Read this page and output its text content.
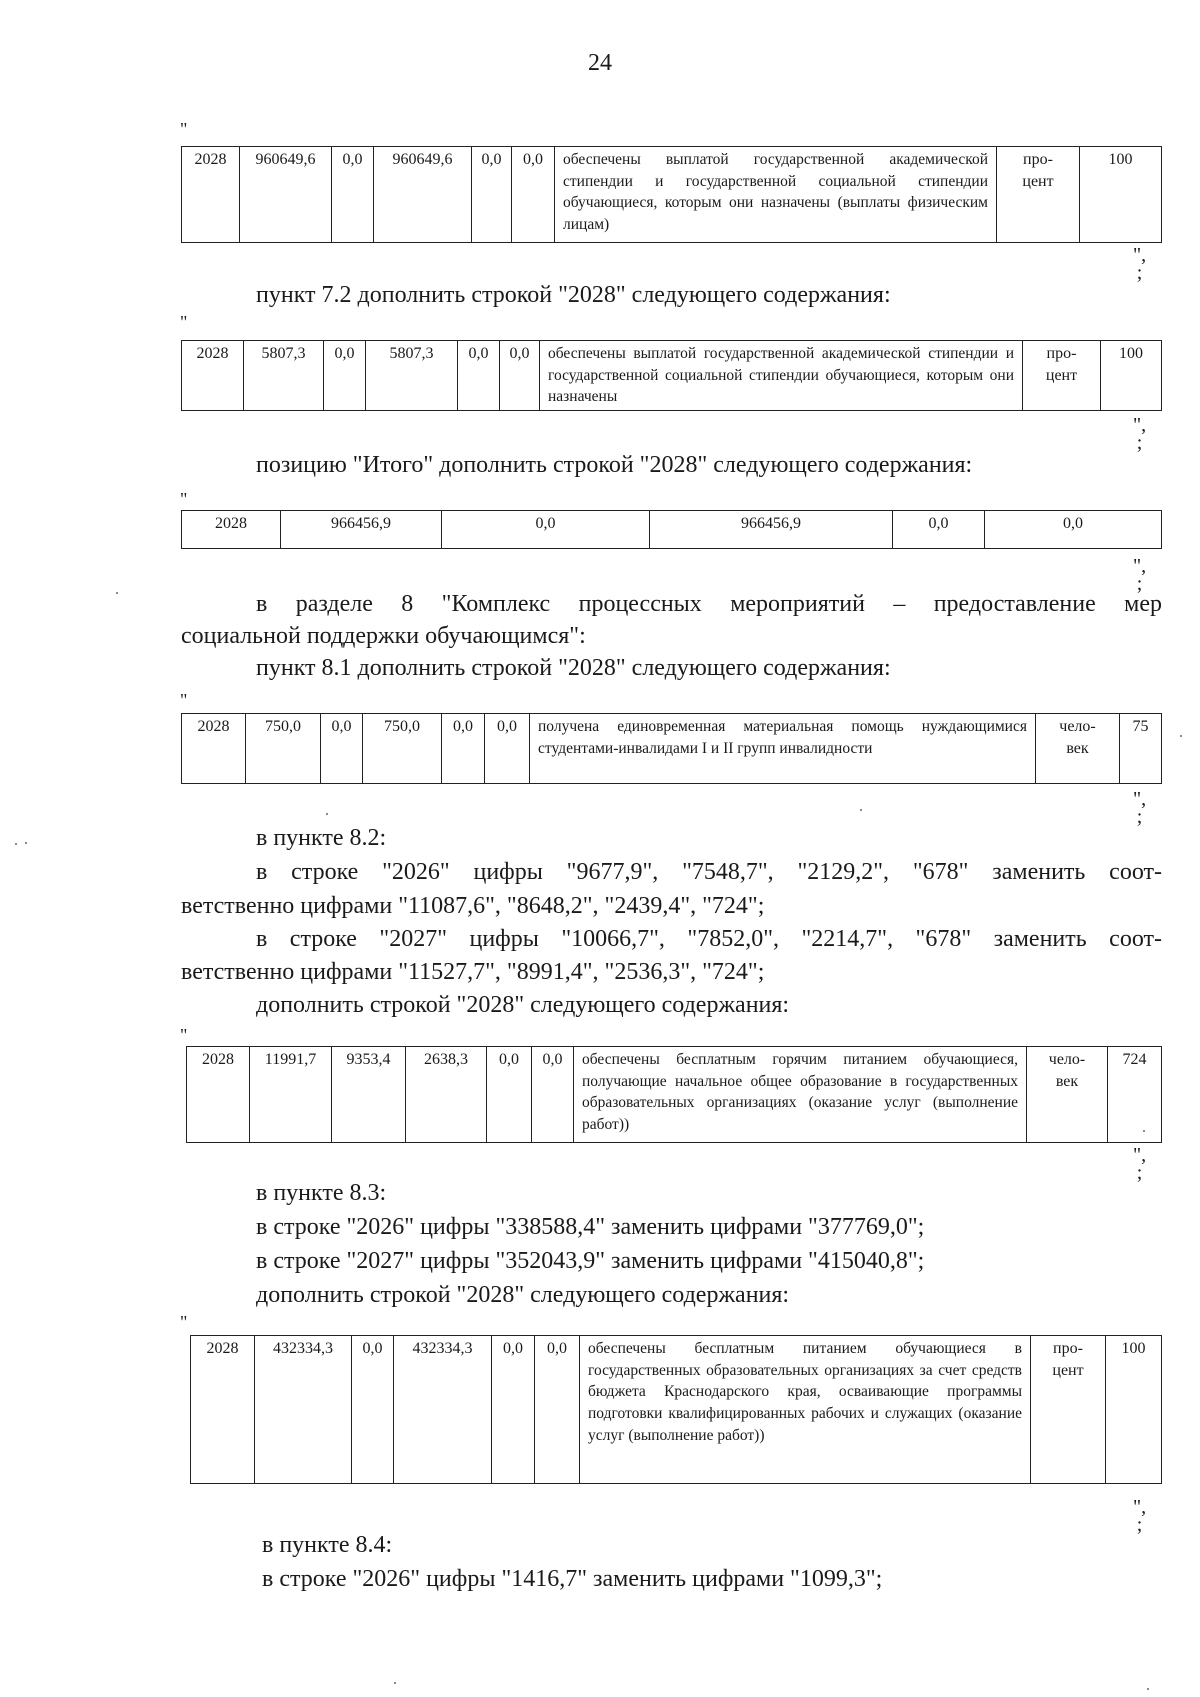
24
"
2028	960649,6	0,0	960649,6	0,0	0,0	обеспечены выплатой государственной академической стипендии и государственной социальной стипендии обучающиеся, которым они назначены (выплаты физическим лицам)	про-
цент	100
",
;
пункт 7.2 дополнить строкой "2028" следующего содержания:
"
2028	5807,3	0,0	5807,3	0,0	0,0	обеспечены выплатой государственной академической стипендии и государственной социальной стипендии обучающиеся, которым они назначены	про-
цент	100
",
;
позицию "Итого" дополнить строкой "2028" следующего содержания:
"
2028	966456,9	0,0	966456,9	0,0	0,0
",
;
в разделе 8 "Комплекс процессных мероприятий – предоставление мер
социальной поддержки обучающимся":
пункт 8.1 дополнить строкой "2028" следующего содержания:
"
2028	750,0	0,0	750,0	0,0	0,0	получена единовременная материальная помощь нуждающимися студентами-инвалидами I и II групп инвалидности	чело-
век	75
",
;
в пункте 8.2:
в строке "2026" цифры "9677,9", "7548,7", "2129,2", "678" заменить соот-
ветственно цифрами "11087,6", "8648,2", "2439,4", "724";
в строке "2027" цифры "10066,7", "7852,0", "2214,7", "678" заменить соот-
ветственно цифрами "11527,7", "8991,4", "2536,3", "724";
дополнить строкой "2028" следующего содержания:
"
2028	11991,7	9353,4	2638,3	0,0	0,0	обеспечены бесплатным горячим питанием обучающиеся, получающие начальное общее образование в государственных образовательных организациях (оказание услуг (выполнение работ))	чело-
век	724
",
;
в пункте 8.3:
в строке "2026" цифры "338588,4" заменить цифрами "377769,0";
в строке "2027" цифры "352043,9" заменить цифрами "415040,8";
дополнить строкой "2028" следующего содержания:
"
2028	432334,3	0,0	432334,3	0,0	0,0	обеспечены бесплатным питанием обучающиеся в государственных образовательных организациях за счет средств бюджета Краснодарского края, осваивающие программы подготовки квалифицированных рабочих и служащих (оказание услуг (выполнение работ))	про-
цент	100
",
;
в пункте 8.4:
в строке "2026" цифры "1416,7" заменить цифрами "1099,3";
